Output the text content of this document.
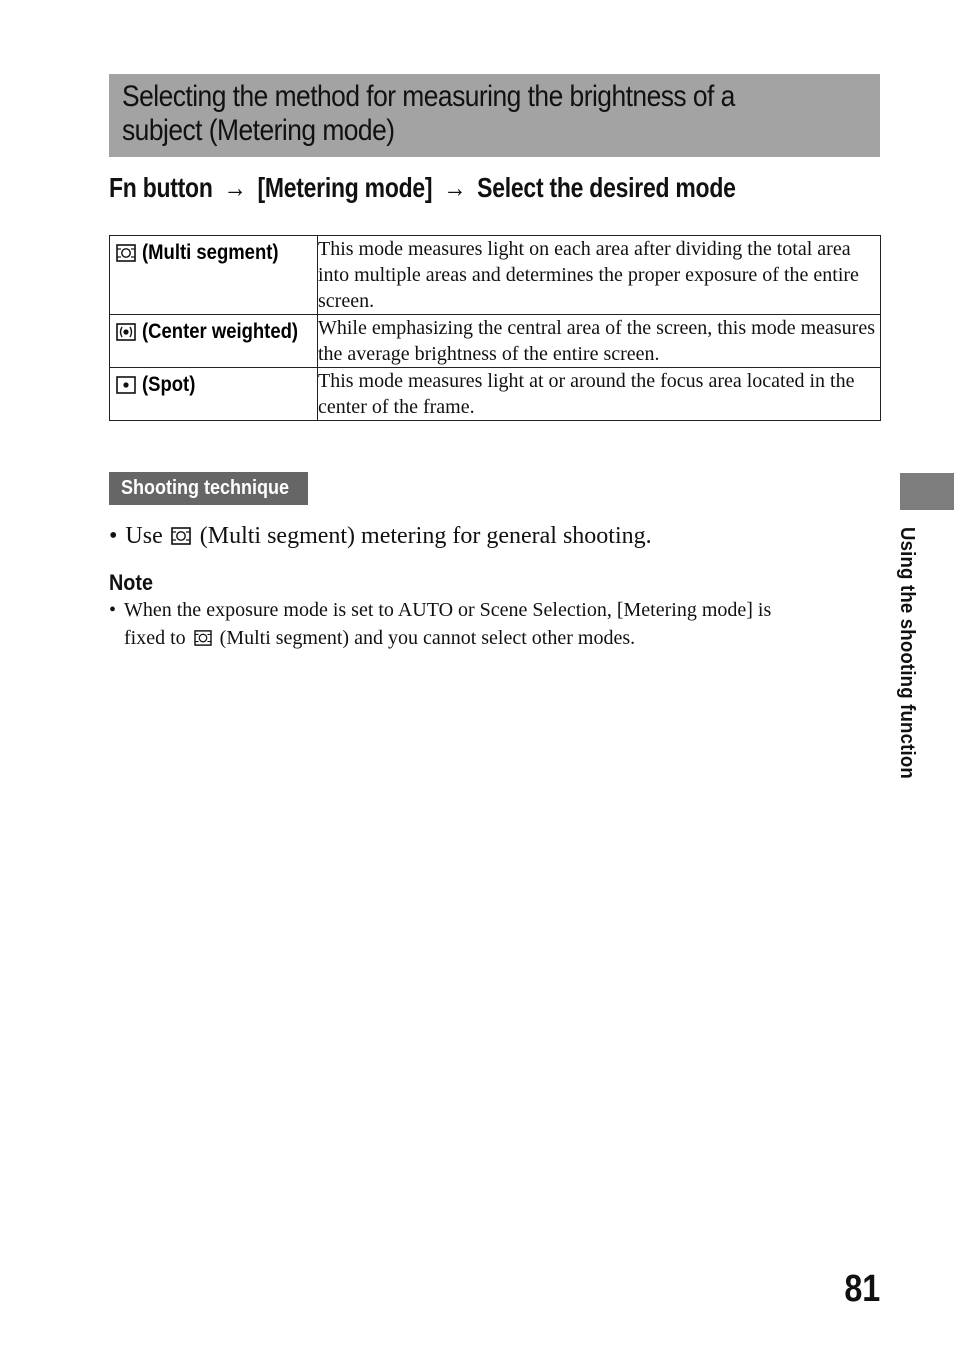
Selecting the method for measuring the brightness of a
subject (Metering mode)
Fn button → [Metering mode] → Select the desired mode
(Multi segment)	This mode measures light on each area after dividing the total area into multiple areas and determines the proper exposure of the entire screen.

(Center weighted)	While emphasizing the central area of the screen, this mode measures the average brightness of the entire screen.

(Spot)	This mode measures light at or around the focus area located in the center of the frame.
Shooting technique
• Use (Multi segment) metering for general shooting.
Note
• When the exposure mode is set to AUTO or Scene Selection, [Metering mode] is
fixed to (Multi segment) and you cannot select other modes.	Using the shooting function
81
